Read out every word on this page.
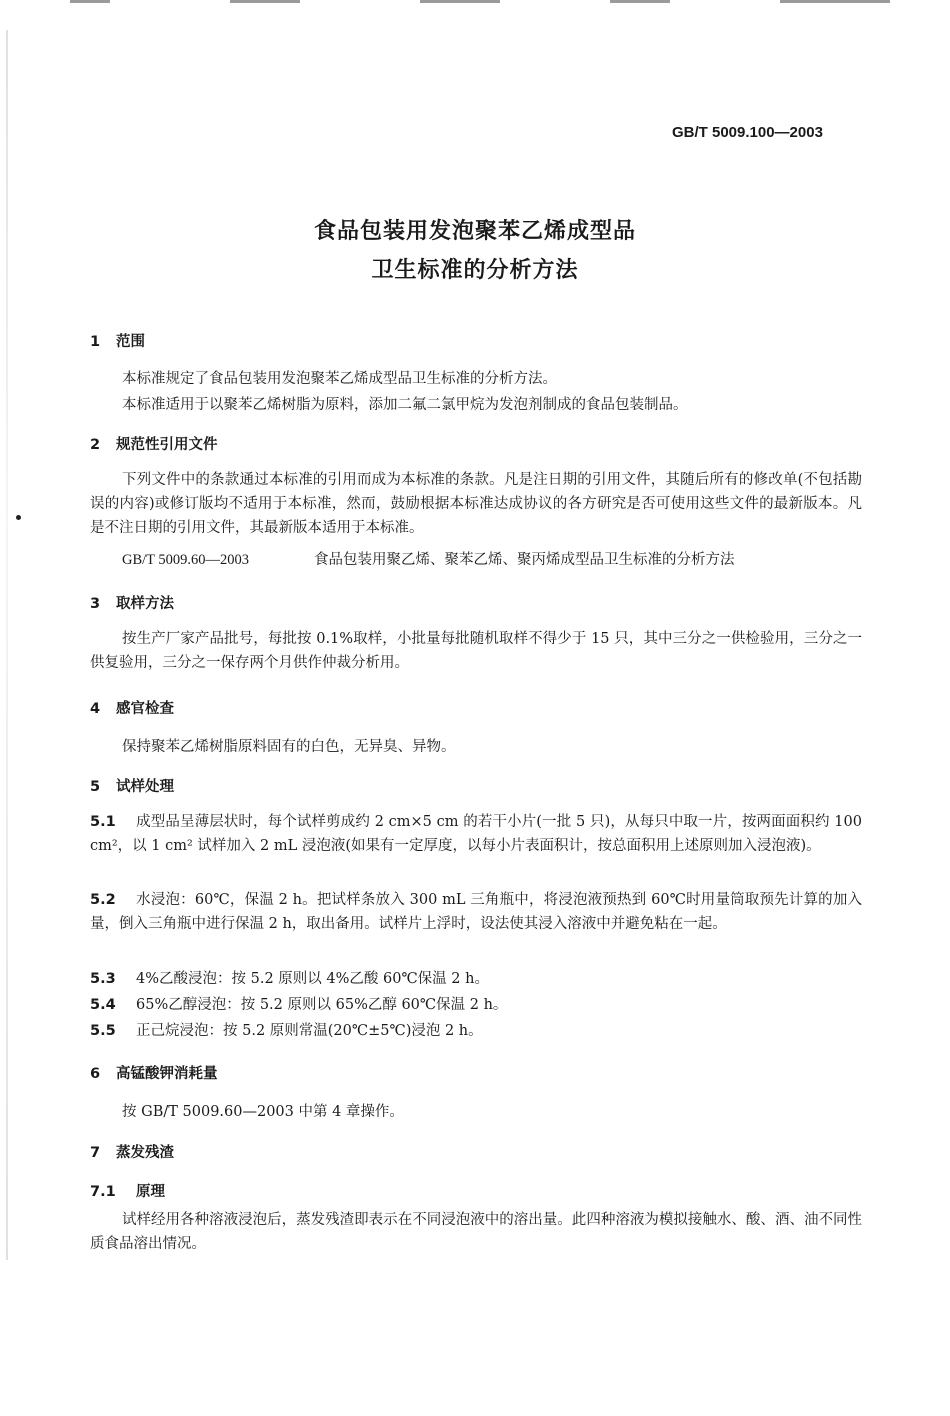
GB/T 5009.100—2003
食品包装用发泡聚苯乙烯成型品
卫生标准的分析方法
1 范围
本标准规定了食品包装用发泡聚苯乙烯成型品卫生标准的分析方法。
本标准适用于以聚苯乙烯树脂为原料，添加二氟二氯甲烷为发泡剂制成的食品包装制品。
2 规范性引用文件
下列文件中的条款通过本标准的引用而成为本标准的条款。凡是注日期的引用文件，其随后所有的修改单(不包括勘误的内容)或修订版均不适用于本标准，然而，鼓励根据本标准达成协议的各方研究是否可使用这些文件的最新版本。凡是不注日期的引用文件，其最新版本适用于本标准。
GB/T 5009.60—2003	食品包装用聚乙烯、聚苯乙烯、聚丙烯成型品卫生标准的分析方法
3 取样方法
按生产厂家产品批号，每批按 0.1%取样，小批量每批随机取样不得少于 15 只，其中三分之一供检验用，三分之一供复验用，三分之一保存两个月供作仲裁分析用。
4 感官检查
保持聚苯乙烯树脂原料固有的白色，无异臭、异物。
5 试样处理
5.1 成型品呈薄层状时，每个试样剪成约 2 cm×5 cm 的若干小片(一批 5 只)，从每只中取一片，按两面面积约 100 cm²，以 1 cm² 试样加入 2 mL 浸泡液(如果有一定厚度，以每小片表面积计，按总面积用上述原则加入浸泡液)。
5.2 水浸泡：60℃，保温 2 h。把试样条放入 300 mL 三角瓶中，将浸泡液预热到 60℃时用量筒取预先计算的加入量，倒入三角瓶中进行保温 2 h，取出备用。试样片上浮时，设法使其浸入溶液中并避免粘在一起。
5.3 4%乙酸浸泡：按 5.2 原则以 4%乙酸 60℃保温 2 h。
5.4 65%乙醇浸泡：按 5.2 原则以 65%乙醇 60℃保温 2 h。
5.5 正己烷浸泡：按 5.2 原则常温(20℃±5℃)浸泡 2 h。
6 高锰酸钾消耗量
按 GB/T 5009.60—2003 中第 4 章操作。
7 蒸发残渣
7.1 原理
试样经用各种溶液浸泡后，蒸发残渣即表示在不同浸泡液中的溶出量。此四种溶液为模拟接触水、酸、酒、油不同性质食品溶出情况。
